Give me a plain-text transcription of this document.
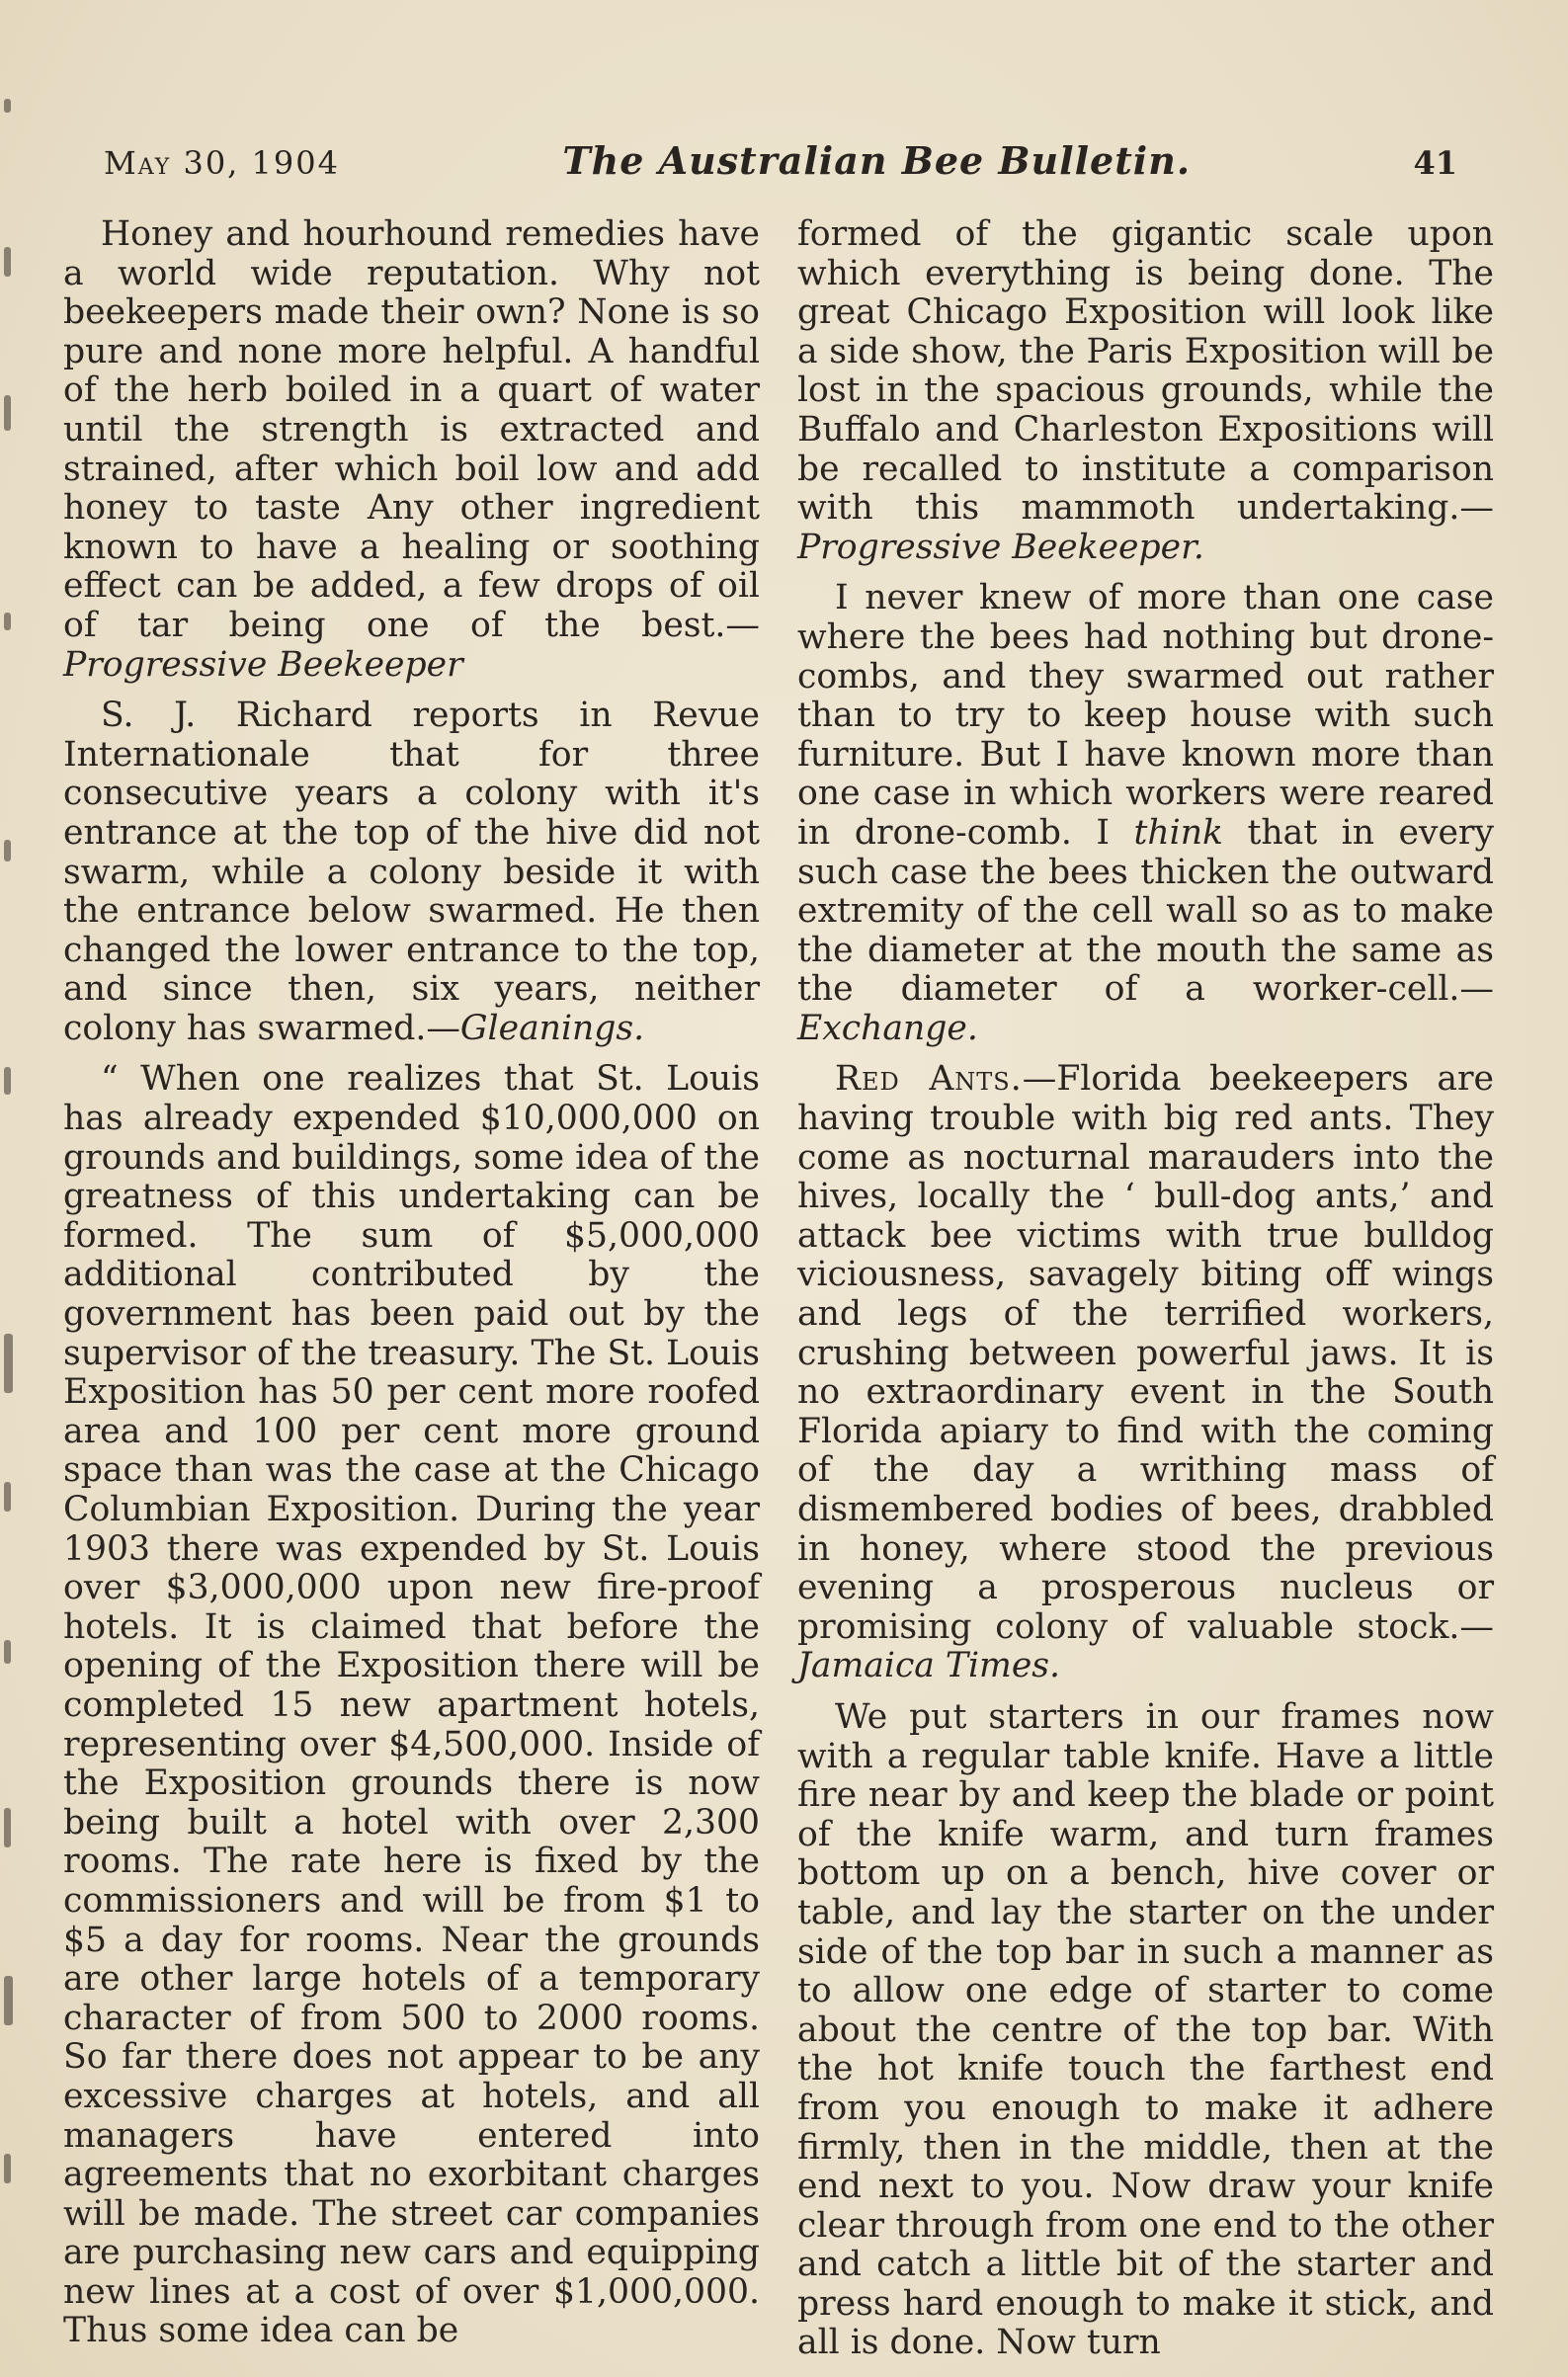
May 30, 1904	The Australian Bee Bulletin.	41

Honey and hourhound remedies have a world wide reputation. Why not beekeepers made their own? None is so pure and none more helpful. A handful of the herb boiled in a quart of water until the strength is extracted and strained, after which boil low and add honey to taste Any other ingredient known to have a healing or soothing effect can be added, a few drops of oil of tar being one of the best.—Progressive Beekeeper

S. J. Richard reports in Revue Internationale that for three consecutive years a colony with it's entrance at the top of the hive did not swarm, while a colony beside it with the entrance below swarmed. He then changed the lower entrance to the top, and since then, six years, neither colony has swarmed.—Gleanings.

“ When one realizes that St. Louis has already expended $10,000,000 on grounds and buildings, some idea of the greatness of this undertaking can be formed. The sum of $5,000,000 additional contributed by the government has been paid out by the supervisor of the treasury. The St. Louis Exposition has 50 per cent more roofed area and 100 per cent more ground space than was the case at the Chicago Columbian Exposition. During the year 1903 there was expended by St. Louis over $3,000,000 upon new fire-proof hotels. It is claimed that before the opening of the Exposition there will be completed 15 new apartment hotels, representing over $4,500,000. Inside of the Exposition grounds there is now being built a hotel with over 2,300 rooms. The rate here is fixed by the commissioners and will be from $1 to $5 a day for rooms. Near the grounds are other large hotels of a temporary character of from 500 to 2000 rooms. So far there does not appear to be any excessive charges at hotels, and all managers have entered into agreements that no exorbitant charges will be made. The street car companies are purchasing new cars and equipping new lines at a cost of over $1,000,000. Thus some idea can be

formed of the gigantic scale upon which everything is being done. The great Chicago Exposition will look like a side show, the Paris Exposition will be lost in the spacious grounds, while the Buffalo and Charleston Expositions will be recalled to institute a comparison with this mammoth undertaking.—Progressive Beekeeper.

I never knew of more than one case where the bees had nothing but drone-combs, and they swarmed out rather than to try to keep house with such furniture. But I have known more than one case in which workers were reared in drone-comb. I think that in every such case the bees thicken the outward extremity of the cell wall so as to make the diameter at the mouth the same as the diameter of a worker-cell.—Exchange.

Red Ants.—Florida beekeepers are having trouble with big red ants. They come as nocturnal marauders into the hives, locally the ‘ bull-dog ants,’ and attack bee victims with true bulldog viciousness, savagely biting off wings and legs of the terrified workers, crushing between powerful jaws. It is no extraordinary event in the South Florida apiary to find with the coming of the day a writhing mass of dismembered bodies of bees, drabbled in honey, where stood the previous evening a prosperous nucleus or promising colony of valuable stock.—Jamaica Times.

We put starters in our frames now with a regular table knife. Have a little fire near by and keep the blade or point of the knife warm, and turn frames bottom up on a bench, hive cover or table, and lay the starter on the under side of the top bar in such a manner as to allow one edge of starter to come about the centre of the top bar. With the hot knife touch the farthest end from you enough to make it adhere firmly, then in the middle, then at the end next to you. Now draw your knife clear through from one end to the other and catch a little bit of the starter and press hard enough to make it stick, and all is done. Now turn
